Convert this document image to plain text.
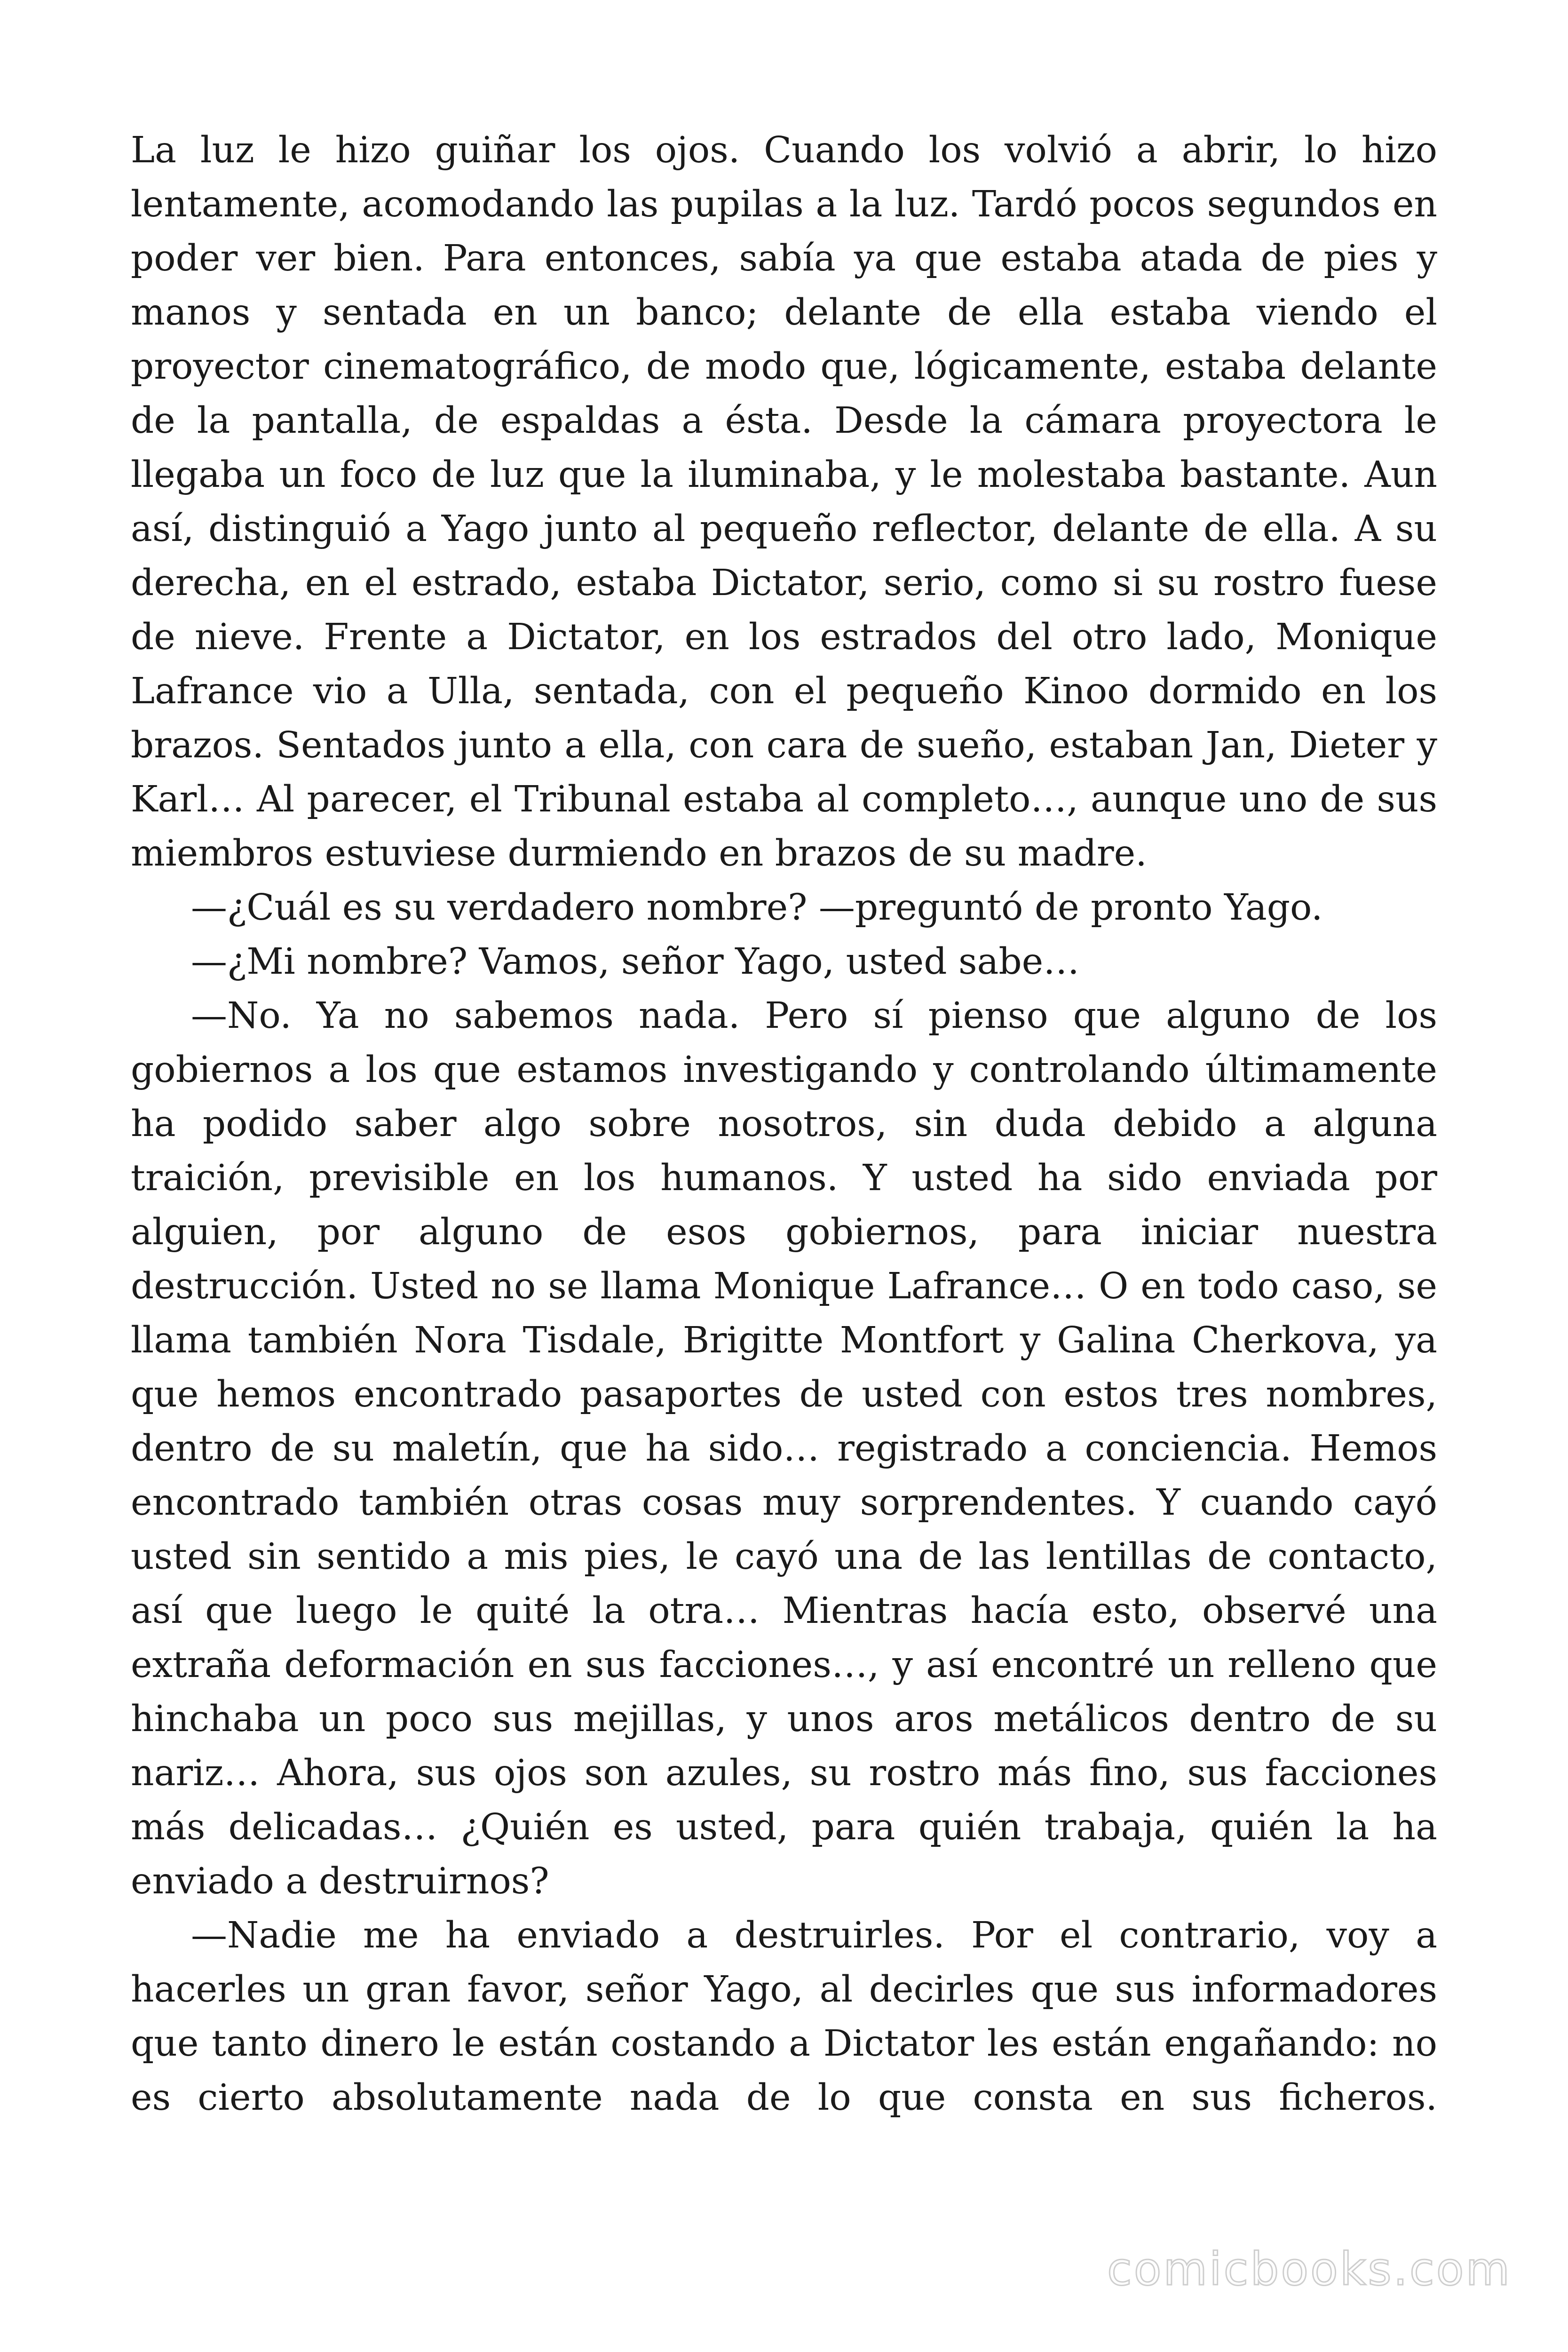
La luz le hizo guiñar los ojos. Cuando los volvió a abrir, lo hizo lentamente, acomodando las pupilas a la luz. Tardó pocos segundos en poder ver bien. Para entonces, sabía ya que estaba atada de pies y manos y sentada en un banco; delante de ella estaba viendo el proyector cinematográfico, de modo que, lógicamente, estaba delante de la pantalla, de espaldas a ésta. Desde la cámara proyectora le llegaba un foco de luz que la iluminaba, y le molestaba bastante. Aun así, distinguió a Yago junto al pequeño reflector, delante de ella. A su derecha, en el estrado, estaba Dictator, serio, como si su rostro fuese de nieve. Frente a Dictator, en los estrados del otro lado, Monique Lafrance vio a Ulla, sentada, con el pequeño Kinoo dormido en los brazos. Sentados junto a ella, con cara de sueño, estaban Jan, Dieter y Karl… Al parecer, el Tribunal estaba al completo…, aunque uno de sus miembros estuviese durmiendo en brazos de su madre.

—¿Cuál es su verdadero nombre? —preguntó de pronto Yago.

—¿Mi nombre? Vamos, señor Yago, usted sabe…

—No. Ya no sabemos nada. Pero sí pienso que alguno de los gobiernos a los que estamos investigando y controlando últimamente ha podido saber algo sobre nosotros, sin duda debido a alguna traición, previsible en los humanos. Y usted ha sido enviada por alguien, por alguno de esos gobiernos, para iniciar nuestra destrucción. Usted no se llama Monique Lafrance… O en todo caso, se llama también Nora Tisdale, Brigitte Montfort y Galina Cherkova, ya que hemos encontrado pasaportes de usted con estos tres nombres, dentro de su maletín, que ha sido… registrado a conciencia. Hemos encontrado también otras cosas muy sorprendentes. Y cuando cayó usted sin sentido a mis pies, le cayó una de las lentillas de contacto, así que luego le quité la otra… Mientras hacía esto, observé una extraña deformación en sus facciones…, y así encontré un relleno que hinchaba un poco sus mejillas, y unos aros metálicos dentro de su nariz… Ahora, sus ojos son azules, su rostro más fino, sus facciones más delicadas… ¿Quién es usted, para quién trabaja, quién la ha enviado a destruirnos?

—Nadie me ha enviado a destruirles. Por el contrario, voy a hacerles un gran favor, señor Yago, al decirles que sus informadores que tanto dinero le están costando a Dictator les están engañando: no es cierto absolutamente nada de lo que consta en sus ficheros.

comicbooks.com
